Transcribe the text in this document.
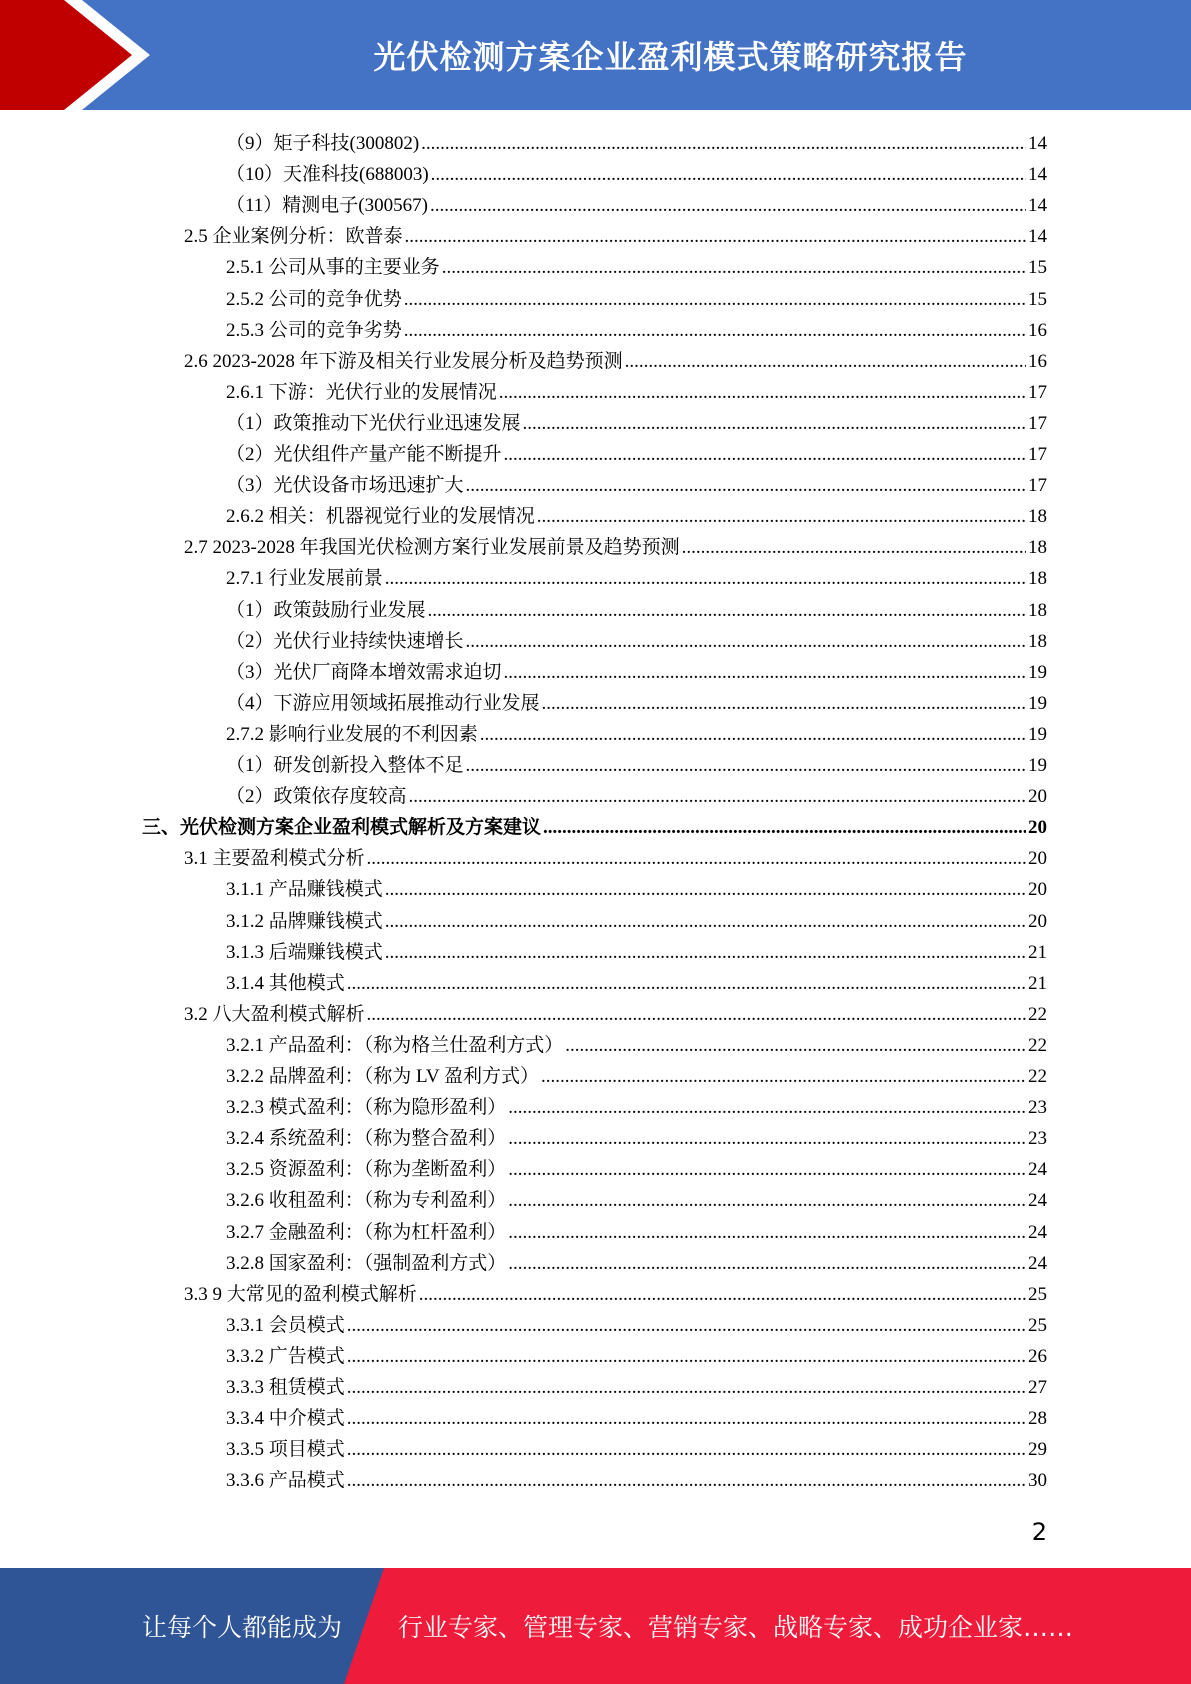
光伏检测方案企业盈利模式策略研究报告
（9）矩子科技(300802) .....	14
（10）天准科技(688003) .....	14
（11）精测电子(300567) .....	14
2.5 企业案例分析：欧普泰 .....	14
2.5.1 公司从事的主要业务 .....	15
2.5.2 公司的竞争优势 .....	15
2.5.3 公司的竞争劣势 .....	16
2.6 2023-2028 年下游及相关行业发展分析及趋势预测 .....	16
2.6.1 下游：光伏行业的发展情况 .....	17
（1）政策推动下光伏行业迅速发展 .....	17
（2）光伏组件产量产能不断提升 .....	17
（3）光伏设备市场迅速扩大 .....	17
2.6.2 相关：机器视觉行业的发展情况 .....	18
2.7 2023-2028 年我国光伏检测方案行业发展前景及趋势预测 .....	18
2.7.1 行业发展前景 .....	18
（1）政策鼓励行业发展 .....	18
（2）光伏行业持续快速增长 .....	18
（3）光伏厂商降本增效需求迫切 .....	19
（4）下游应用领域拓展推动行业发展 .....	19
2.7.2 影响行业发展的不利因素 .....	19
（1）研发创新投入整体不足 .....	19
（2）政策依存度较高 .....	20
三、光伏检测方案企业盈利模式解析及方案建议 .....	20
3.1 主要盈利模式分析 .....	20
3.1.1 产品赚钱模式 .....	20
3.1.2 品牌赚钱模式 .....	20
3.1.3 后端赚钱模式 .....	21
3.1.4 其他模式 .....	21
3.2 八大盈利模式解析 .....	22
3.2.1 产品盈利：（称为格兰仕盈利方式） .....	22
3.2.2 品牌盈利：（称为 LV 盈利方式） .....	22
3.2.3 模式盈利：（称为隐形盈利） .....	23
3.2.4 系统盈利：（称为整合盈利） .....	23
3.2.5 资源盈利：（称为垄断盈利） .....	24
3.2.6 收租盈利：（称为专利盈利） .....	24
3.2.7 金融盈利：（称为杠杆盈利） .....	24
3.2.8 国家盈利：（强制盈利方式） .....	24
3.3 9 大常见的盈利模式解析 .....	25
3.3.1 会员模式 .....	25
3.3.2 广告模式 .....	26
3.3.3 租赁模式 .....	27
3.3.4 中介模式 .....	28
3.3.5 项目模式 .....	29
3.3.6 产品模式 .....	30
2
让每个人都能成为 行业专家、管理专家、营销专家、战略专家、成功企业家……
